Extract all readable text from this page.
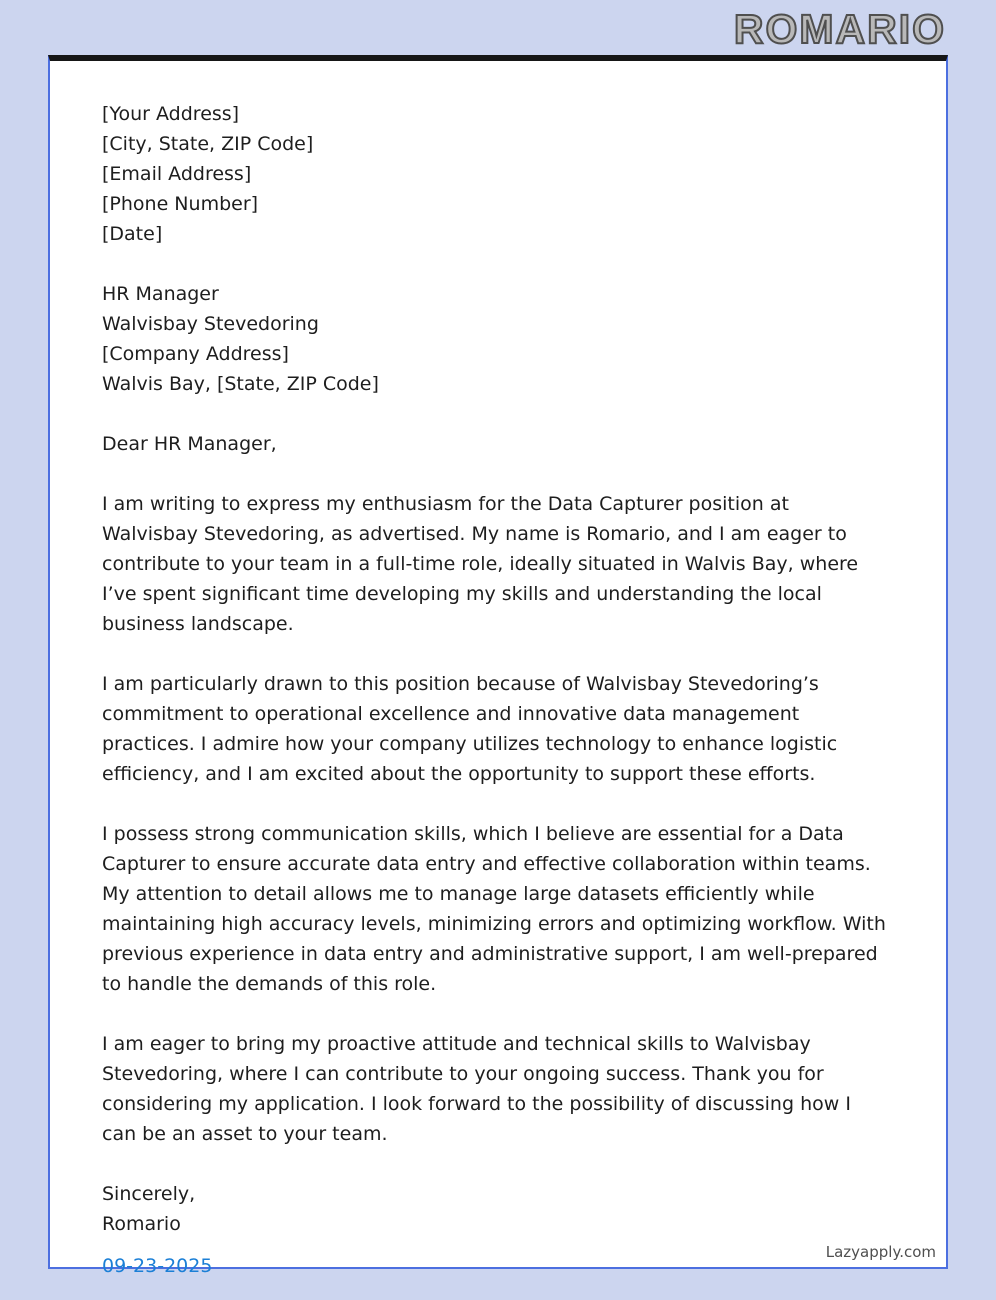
ROMARIO
[Your Address]
[City, State, ZIP Code]
[Email Address]
[Phone Number]
[Date]
HR Manager
Walvisbay Stevedoring
[Company Address]
Walvis Bay, [State, ZIP Code]
Dear HR Manager,
I am writing to express my enthusiasm for the Data Capturer position at Walvisbay Stevedoring, as advertised. My name is Romario, and I am eager to contribute to your team in a full-time role, ideally situated in Walvis Bay, where I’ve spent significant time developing my skills and understanding the local business landscape.
I am particularly drawn to this position because of Walvisbay Stevedoring’s commitment to operational excellence and innovative data management practices. I admire how your company utilizes technology to enhance logistic efficiency, and I am excited about the opportunity to support these efforts.
I possess strong communication skills, which I believe are essential for a Data Capturer to ensure accurate data entry and effective collaboration within teams. My attention to detail allows me to manage large datasets efficiently while maintaining high accuracy levels, minimizing errors and optimizing workflow. With previous experience in data entry and administrative support, I am well-prepared to handle the demands of this role.
I am eager to bring my proactive attitude and technical skills to Walvisbay Stevedoring, where I can contribute to your ongoing success. Thank you for considering my application. I look forward to the possibility of discussing how I can be an asset to your team.
Sincerely,
Romario
09-23-2025
Lazyapply.com
